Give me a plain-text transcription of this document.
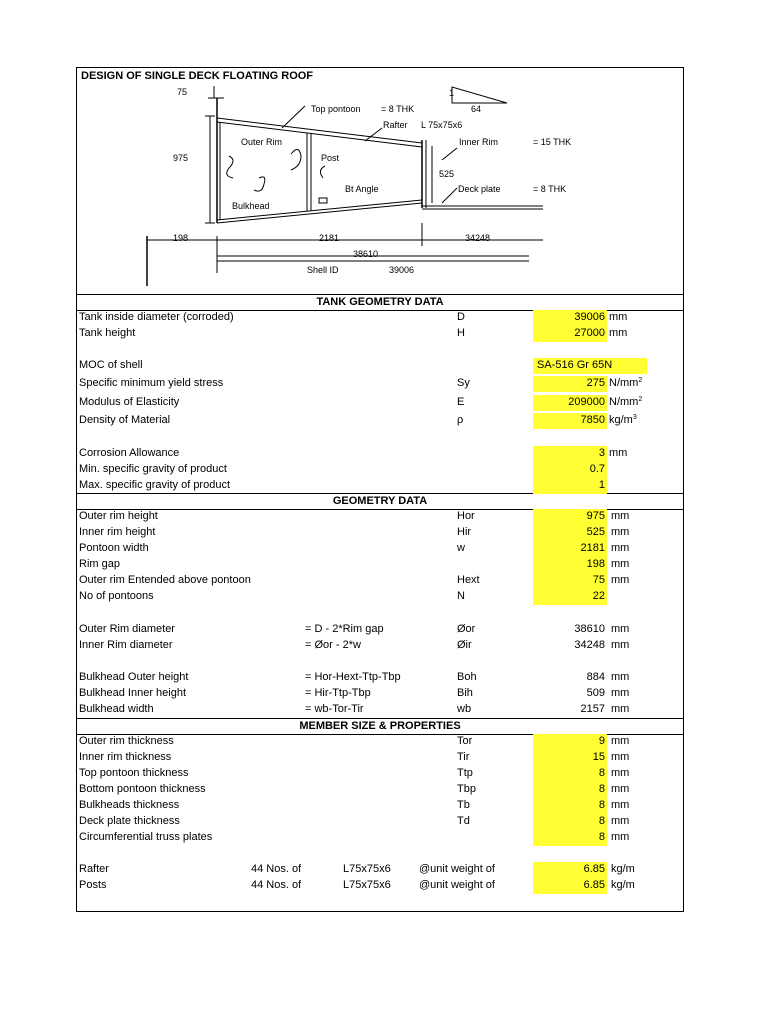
DESIGN OF SINGLE DECK FLOATING ROOF
75	1
64
Top pontoon = 8 THK
Rafter L 75x75x6
Outer Rim
975	Post
Inner Rim	= 15 THK
525
Bt Angle	Deck plate	= 8 THK
Bulkhead
198	2181	34248
38610
Shell ID	39006
TANK GEOMETRY DATA
GEOMETRY DATA
MEMBER SIZE & PROPERTIES
Tank inside diameter (corroded)	D	39006 mm
Tank height	H	27000 mm
MOC of shell	SA-516 Gr 65N
Specific minimum yield stress	Sy	275 $N/mm^2$
Modulus of Elasticity	E	209000 $N/mm^2$
Density of Material	ρ	7850 $kg/m^3$
Corrosion Allowance	3 mm
Min. specific gravity of product	0.7
Max. specific gravity of product	1
Outer rim height	Hor	975 mm
Inner rim height	Hir	525 mm
Pontoon width	w	2181 mm
Rim gap	198 mm
Outer rim Entended above pontoon	Hext	75 mm
No of pontoons	N	22
Outer Rim diameter	= D - 2*Rim gap	Øor	38610 mm
Inner Rim diameter	= Øor - 2*w	Øir	34248 mm
Bulkhead Outer height	= Hor-Hext-Ttp-Tbp	Boh	884 mm
Bulkhead Inner height	= Hir-Ttp-Tbp	Bih	509 mm
Bulkhead width	= wb-Tor-Tir	wb	2157 mm
Outer rim thickness	Tor	9 mm
Inner rim thickness	Tir	15 mm
Top pontoon thickness	Ttp	8 mm
Bottom pontoon thickness	Tbp	8 mm
Bulkheads thickness	Tb	8 mm
Deck plate thickness	Td	8 mm
Circumferential truss plates	8 mm
Rafter	44 Nos. of	L75x75x6	@unit weight of	6.85 kg/m
Posts	44 Nos. of	L75x75x6	@unit weight of	6.85 kg/m
